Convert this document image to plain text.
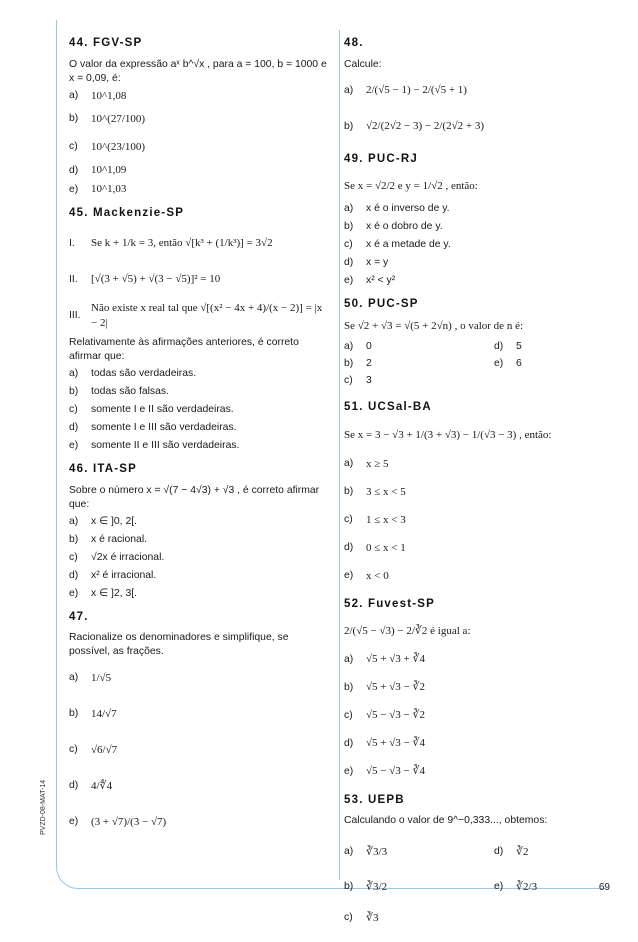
PVZD-08-MAT-14
69
44. FGV-SP

O valor da expressão aˣ b^√x , para a = 100, b = 1000 e x = 0,09, é:

a)	10^1,08
b)	10^(27/100)
c)	10^(23/100)
d)	10^1,09
e)	10^1,03
45. Mackenzie-SP
I.	Se k + 1/k = 3, então √[k³ + (1/k³)] = 3√2
II.	[√(3 + √5) + √(3 − √5)]² = 10
III.
Não existe x real tal que √[(x² − 4x + 4)/(x − 2)] = |x − 2|

Relativamente às afirmações anteriores, é correto afirmar que:

a)	todas são verdadeiras.
b)	todas são falsas.
c)	somente I e II são verdadeiras.
d)	somente I e III são verdadeiras.
e)	somente II e III são verdadeiras.
46. ITA-SP

Sobre o número x = √(7 − 4√3) + √3 , é correto afirmar que:

a)	x ∈ ]0, 2[.
b)	x é racional.
c)	√2x é irracional.
d)	x² é irracional.
e)	x ∈ ]2, 3[.
47.

Racionalize os denominadores e simplifique, se possível, as frações.

a)	1/√5
b)	14/√7
c)	√6/√7
d)	4/∜4
e)	(3 + √7)/(3 − √7)
48.

Calcule:

a)	2/(√5 − 1) − 2/(√5 + 1)
b)	√2/(2√2 − 3) − 2/(2√2 + 3)
49. PUC-RJ

Se x = √2/2 e y = 1/√2 , então:

a)	x é o inverso de y.
b)	x é o dobro de y.
c)	x é a metade de y.
d)	x = y
e)	x² < y²
50. PUC-SP

Se √2 + √3 = √(5 + 2√n) , o valor de n é:

a)	0	d)	5
b)	2	e)	6
c)	3
51. UCSal-BA

Se x = 3 − √3 + 1/(3 + √3) − 1/(√3 − 3) , então:

a)	x ≥ 5
b)	3 ≤ x < 5
c)	1 ≤ x < 3
d)	0 ≤ x < 1
e)	x < 0
52. Fuvest-SP

2/(√5 − √3) − 2/∛2 é igual a:

a)	√5 + √3 + ∛4
b)	√5 + √3 − ∛2
c)	√5 − √3 − ∛2
d)	√5 + √3 − ∛4
e)	√5 − √3 − ∛4
53. UEPB

Calculando o valor de 9^−0,333..., obtemos:

a)	∛3/3	d)	∛2
b)	∛3/2	e)	∛2/3
c)	∛3
